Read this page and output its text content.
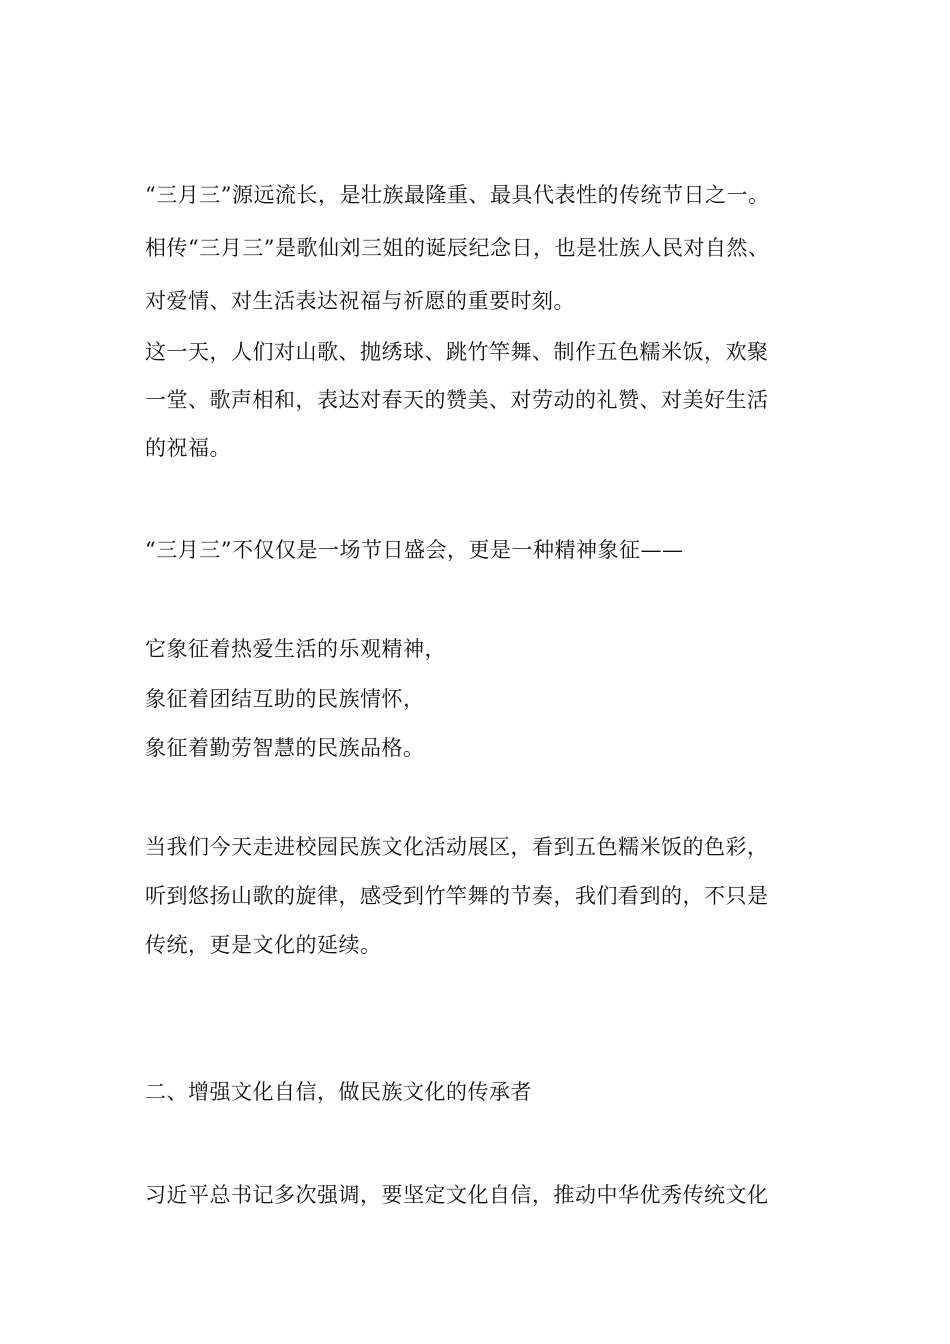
“三月三”源远流长，是壮族最隆重、最具代表性的传统节日之一。
相传“三月三”是歌仙刘三姐的诞辰纪念日，也是壮族人民对自然、
对爱情、对生活表达祝福与祈愿的重要时刻。
这一天，人们对山歌、抛绣球、跳竹竿舞、制作五色糯米饭，欢聚
一堂、歌声相和，表达对春天的赞美、对劳动的礼赞、对美好生活
的祝福。
“三月三”不仅仅是一场节日盛会，更是一种精神象征——
它象征着热爱生活的乐观精神，
象征着团结互助的民族情怀，
象征着勤劳智慧的民族品格。
当我们今天走进校园民族文化活动展区，看到五色糯米饭的色彩，
听到悠扬山歌的旋律，感受到竹竿舞的节奏，我们看到的，不只是
传统，更是文化的延续。
二、增强文化自信，做民族文化的传承者
习近平总书记多次强调，要坚定文化自信，推动中华优秀传统文化
